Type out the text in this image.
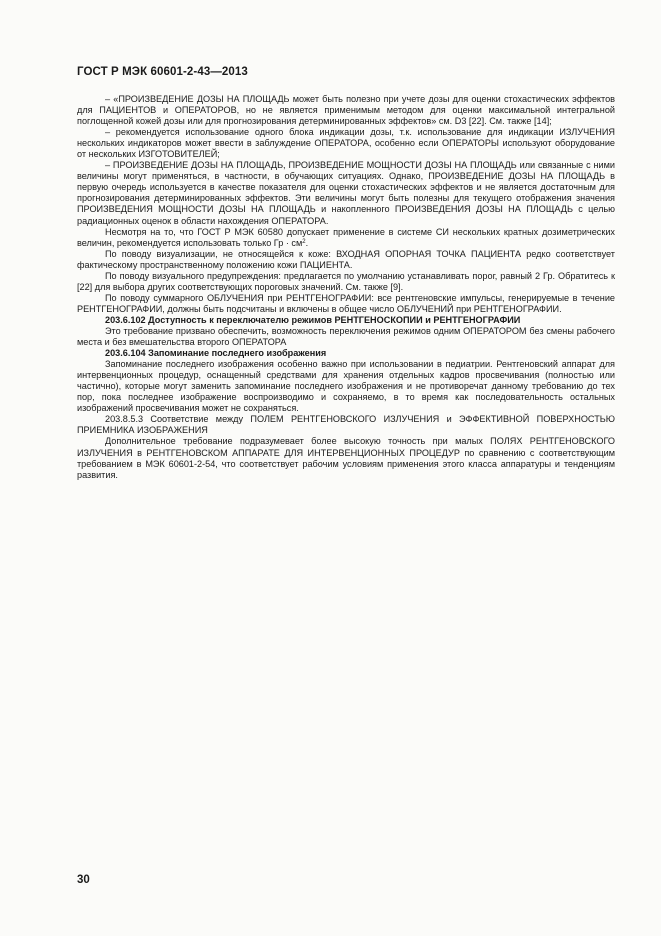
ГОСТ Р МЭК 60601-2-43—2013

– «ПРОИЗВЕДЕНИЕ ДОЗЫ НА ПЛОЩАДЬ может быть полезно при учете дозы для оценки стохастических эффектов для ПАЦИЕНТОВ и ОПЕРАТОРОВ, но не является применимым методом для оценки максимальной интегральной поглощенной кожей дозы или для прогнозирования детерминированных эффектов» см. D3 [22]. См. также [14];

– рекомендуется использование одного блока индикации дозы, т.к. использование для индикации ИЗЛУЧЕНИЯ нескольких индикаторов может ввести в заблуждение ОПЕРАТОРА, особенно если ОПЕРАТОРЫ используют оборудование от нескольких ИЗГОТОВИТЕЛЕЙ;

– ПРОИЗВЕДЕНИЕ ДОЗЫ НА ПЛОЩАДЬ, ПРОИЗВЕДЕНИЕ МОЩНОСТИ ДОЗЫ НА ПЛОЩАДЬ или связанные с ними величины могут применяться, в частности, в обучающих ситуациях. Однако, ПРОИЗВЕДЕНИЕ ДОЗЫ НА ПЛОЩАДЬ в первую очередь используется в качестве показателя для оценки стохастических эффектов и не является достаточным для прогнозирования детерминированных эффектов. Эти величины могут быть полезны для текущего отображения значения ПРОИЗВЕДЕНИЯ МОЩНОСТИ ДОЗЫ НА ПЛОЩАДЬ и накопленного ПРОИЗВЕДЕНИЯ ДОЗЫ НА ПЛОЩАДЬ с целью радиационных оценок в области нахождения ОПЕРАТОРА.

Несмотря на то, что ГОСТ Р МЭК 60580 допускает применение в системе СИ нескольких кратных дозиметрических величин, рекомендуется использовать только Гр · $см^2$.

По поводу визуализации, не относящейся к коже: ВХОДНАЯ ОПОРНАЯ ТОЧКА ПАЦИЕНТА редко соответствует фактическому пространственному положению кожи ПАЦИЕНТА.

По поводу визуального предупреждения: предлагается по умолчанию устанавливать порог, равный 2 Гр. Обратитесь к [22] для выбора других соответствующих пороговых значений. См. также [9].

По поводу суммарного ОБЛУЧЕНИЯ при РЕНТГЕНОГРАФИИ: все рентгеновские импульсы, генерируемые в течение РЕНТГЕНОГРАФИИ, должны быть подсчитаны и включены в общее число ОБЛУЧЕНИЙ при РЕНТГЕНОГРАФИИ.

203.6.102 Доступность к переключателю режимов РЕНТГЕНОСКОПИИ и РЕНТГЕНОГРАФИИ

Это требование призвано обеспечить, возможность переключения режимов одним ОПЕРАТОРОМ без смены рабочего места и без вмешательства второго ОПЕРАТОРА

203.6.104 Запоминание последнего изображения

Запоминание последнего изображения особенно важно при использовании в педиатрии. Рентгеновский аппарат для интервенционных процедур, оснащенный средствами для хранения отдельных кадров просвечивания (полностью или частично), которые могут заменить запоминание последнего изображения и не противоречат данному требованию до тех пор, пока последнее изображение воспроизводимо и сохраняемо, в то время как последовательность остальных изображений просвечивания может не сохраняться.

203.8.5.3 Соответствие между ПОЛЕМ РЕНТГЕНОВСКОГО ИЗЛУЧЕНИЯ и ЭФФЕКТИВНОЙ ПОВЕРХНОСТЬЮ ПРИЕМНИКА ИЗОБРАЖЕНИЯ

Дополнительное требование подразумевает более высокую точность при малых ПОЛЯХ РЕНТГЕНОВСКОГО ИЗЛУЧЕНИЯ в РЕНТГЕНОВСКОМ АППАРАТЕ ДЛЯ ИНТЕРВЕНЦИОННЫХ ПРОЦЕДУР по сравнению с соответствующим требованием в МЭК 60601-2-54, что соответствует рабочим условиям применения этого класса аппаратуры и тенденциям развития.

30
